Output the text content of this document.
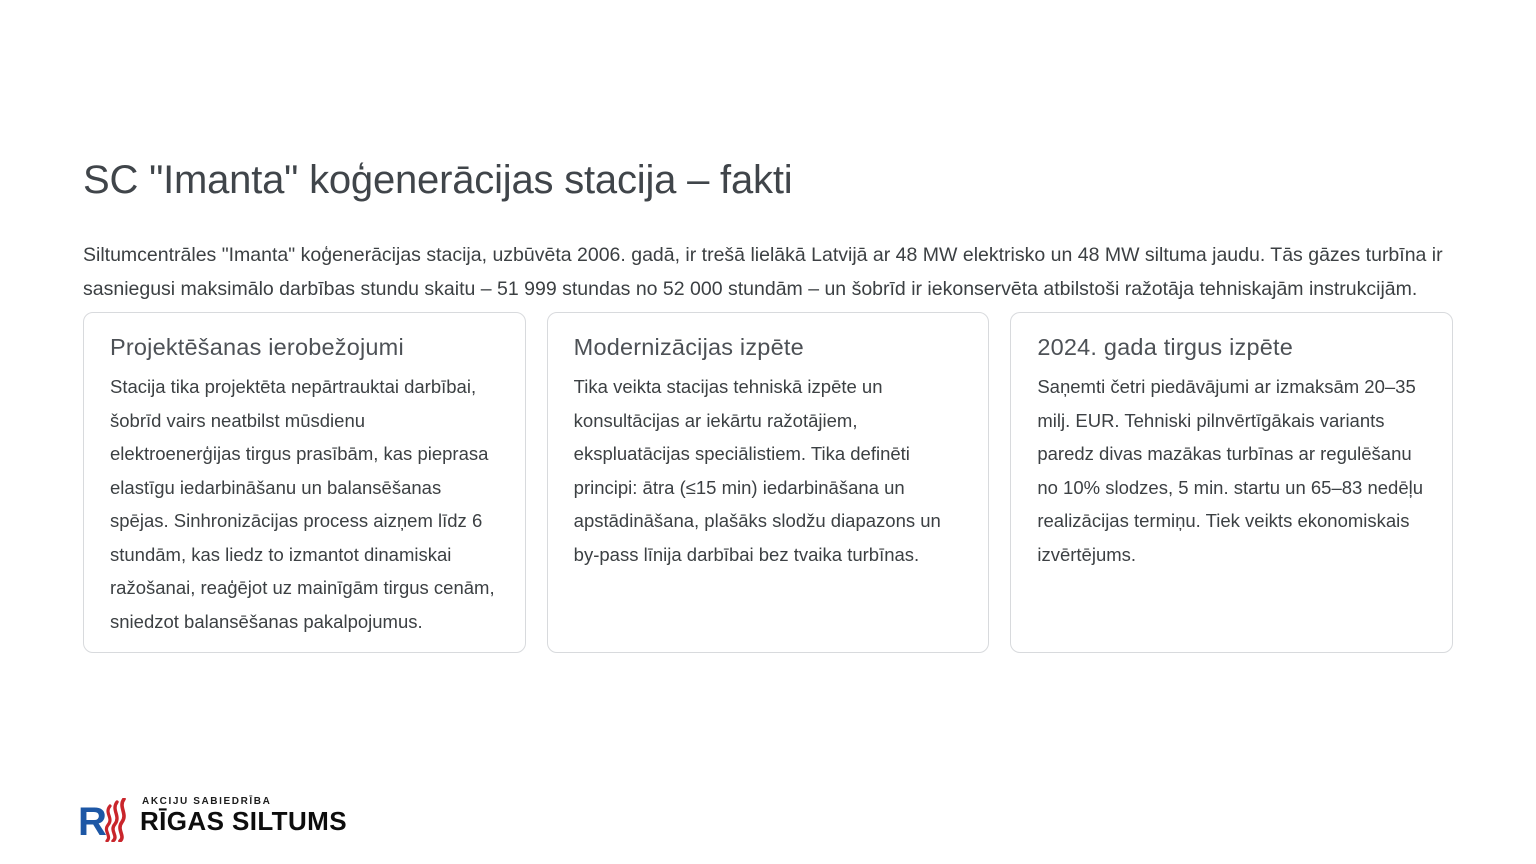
SC "Imanta" koģenerācijas stacija – fakti

Siltumcentrāles "Imanta" koģenerācijas stacija, uzbūvēta 2006. gadā, ir trešā lielākā Latvijā ar 48 MW elektrisko un 48 MW siltuma jaudu. Tās gāzes turbīna ir sasniegusi maksimālo darbības stundu skaitu – 51 999 stundas no 52 000 stundām – un šobrīd ir iekonservēta atbilstoši ražotāja tehniskajām instrukcijām.

Projektēšanas ierobežojumi

Stacija tika projektēta nepārtrauktai darbībai, šobrīd vairs neatbilst mūsdienu elektroenerģijas tirgus prasībām, kas pieprasa elastīgu iedarbināšanu un balansēšanas spējas. Sinhronizācijas process aizņem līdz 6 stundām, kas liedz to izmantot dinamiskai ražošanai, reaģējot uz mainīgām tirgus cenām, sniedzot balansēšanas pakalpojumus.

Modernizācijas izpēte

Tika veikta stacijas tehniskā izpēte un konsultācijas ar iekārtu ražotājiem, ekspluatācijas speciālistiem. Tika definēti principi: ātra (≤15 min) iedarbināšana un apstādināšana, plašāks slodžu diapazons un by-pass līnija darbībai bez tvaika turbīnas.

2024. gada tirgus izpēte

Saņemti četri piedāvājumi ar izmaksām 20–35 milj. EUR. Tehniski pilnvērtīgākais variants paredz divas mazākas turbīnas ar regulēšanu no 10% slodzes, 5 min. startu un 65–83 nedēļu realizācijas termiņu. Tiek veikts ekonomiskais izvērtējums.

R	AKCIJU SABIEDRĪBA
RĪGAS SILTUMS
